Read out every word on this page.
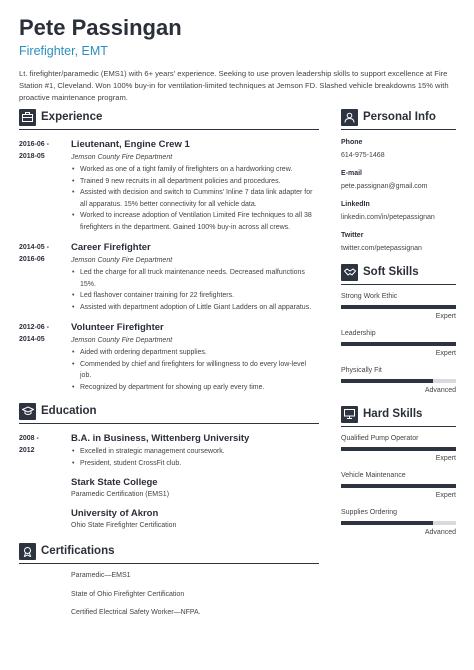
Pete Passingan
Firefighter, EMT
Lt. firefighter/paramedic (EMS1) with 6+ years' experience. Seeking to use proven leadership skills to support excellence at Fire Station #1, Cleveland. Won 100% buy-in for ventilation-limited techniques at Jemson FD. Slashed vehicle breakdowns 15% with proactive maintenance program.
Experience
2016-06 -
2018-05
Lieutenant, Engine Crew 1
Jemson County Fire Department
• Worked as one of a tight family of firefighters on a hardworking crew.
• Trained 9 new recruits in all department policies and procedures.
• Assisted with decision and switch to Cummins' Inline 7 data link adapter for all apparatus. 15% better connectivity for all vehicle data.
• Worked to increase adoption of Ventilation Limited Fire techniques to all 38 firefighters in the department. Gained 100% buy-in across all crews.
2014-05 -
2016-06
Career Firefighter
Jemson County Fire Department
• Led the charge for all truck maintenance needs. Decreased malfunctions 15%.
• Led flashover container training for 22 firefighters.
• Assisted with department adoption of Little Giant Ladders on all apparatus.
2012-06 -
2014-05
Volunteer Firefighter
Jemson County Fire Department
• Aided with ordering department supplies.
• Commended by chief and firefighters for willingness to do every low-level job.
• Recognized by department for showing up early every time.
Education
2008 -
2012
B.A. in Business, Wittenberg University
• Excelled in strategic management coursework.
• President, student CrossFit club.
Stark State College
Paramedic Certification (EMS1)
University of Akron
Ohio State Firefighter Certification
Certifications
Paramedic—EMS1
State of Ohio Firefighter Certification
Certified Electrical Safety Worker—NFPA.
Personal Info
Phone
614-975-1468
E-mail
pete.passignan@gmail.com
LinkedIn
linkedin.com/in/petepassignan
Twitter
twitter.com/petepassignan
Soft Skills
Strong Work Ethic
Expert
Leadership
Expert
Physically Fit
Advanced
Hard Skills
Qualified Pump Operator
Expert
Vehicle Maintenance
Expert
Supplies Ordering
Advanced
